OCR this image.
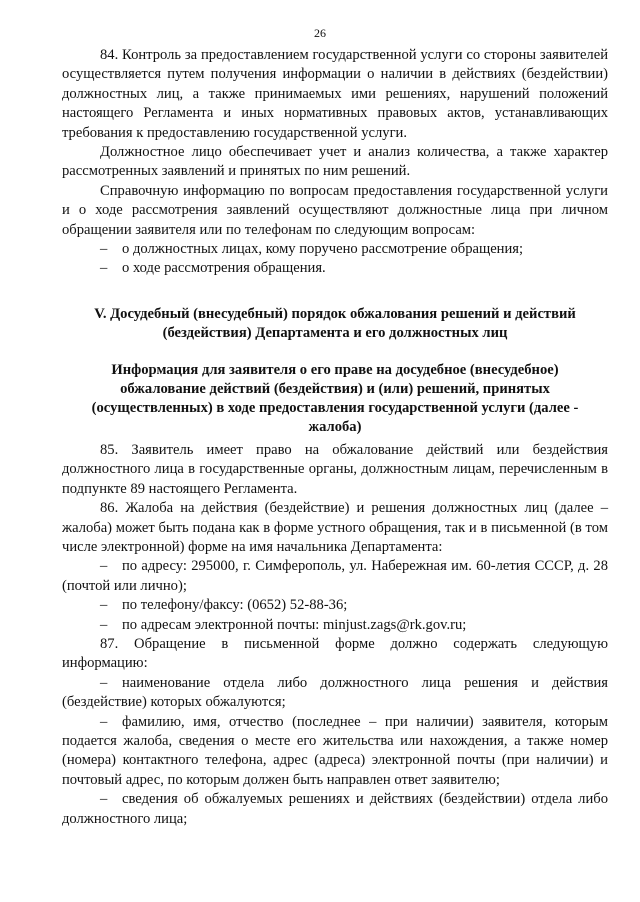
26

84. Контроль за предоставлением государственной услуги со стороны заявителей осуществляется путем получения информации о наличии в действиях (бездействии) должностных лиц, а также принимаемых ими решениях, нарушений положений настоящего Регламента и иных нормативных правовых актов, устанавливающих требования к предоставлению государственной услуги.

Должностное лицо обеспечивает учет и анализ количества, а также характер рассмотренных заявлений и принятых по ним решений.

Справочную информацию по вопросам предоставления государственной услуги и о ходе рассмотрения заявлений осуществляют должностные лица при личном обращении заявителя или по телефонам по следующим вопросам:

– о должностных лицах, кому поручено рассмотрение обращения;

– о ходе рассмотрения обращения.

V. Досудебный (внесудебный) порядок обжалования решений и действий (бездействия) Департамента и его должностных лиц
Информация для заявителя о его праве на досудебное (внесудебное) обжалование действий (бездействия) и (или) решений, принятых (осуществленных) в ходе предоставления государственной услуги (далее - жалоба)

85. Заявитель имеет право на обжалование действий или бездействия должностного лица в государственные органы, должностным лицам, перечисленным в подпункте 89 настоящего Регламента.

86. Жалоба на действия (бездействие) и решения должностных лиц (далее – жалоба) может быть подана как в форме устного обращения, так и в письменной (в том числе электронной) форме на имя начальника Департамента:

– по адресу: 295000, г. Симферополь, ул. Набережная им. 60-летия СССР, д. 28 (почтой или лично);

– по телефону/факсу: (0652) 52-88-36;

– по адресам электронной почты: minjust.zags@rk.gov.ru;

87. Обращение в письменной форме должно содержать следующую информацию:

– наименование отдела либо должностного лица решения и действия (бездействие) которых обжалуются;

– фамилию, имя, отчество (последнее – при наличии) заявителя, которым подается жалоба, сведения о месте его жительства или нахождения, а также номер (номера) контактного телефона, адрес (адреса) электронной почты (при наличии) и почтовый адрес, по которым должен быть направлен ответ заявителю;

– сведения об обжалуемых решениях и действиях (бездействии) отдела либо должностного лица;
